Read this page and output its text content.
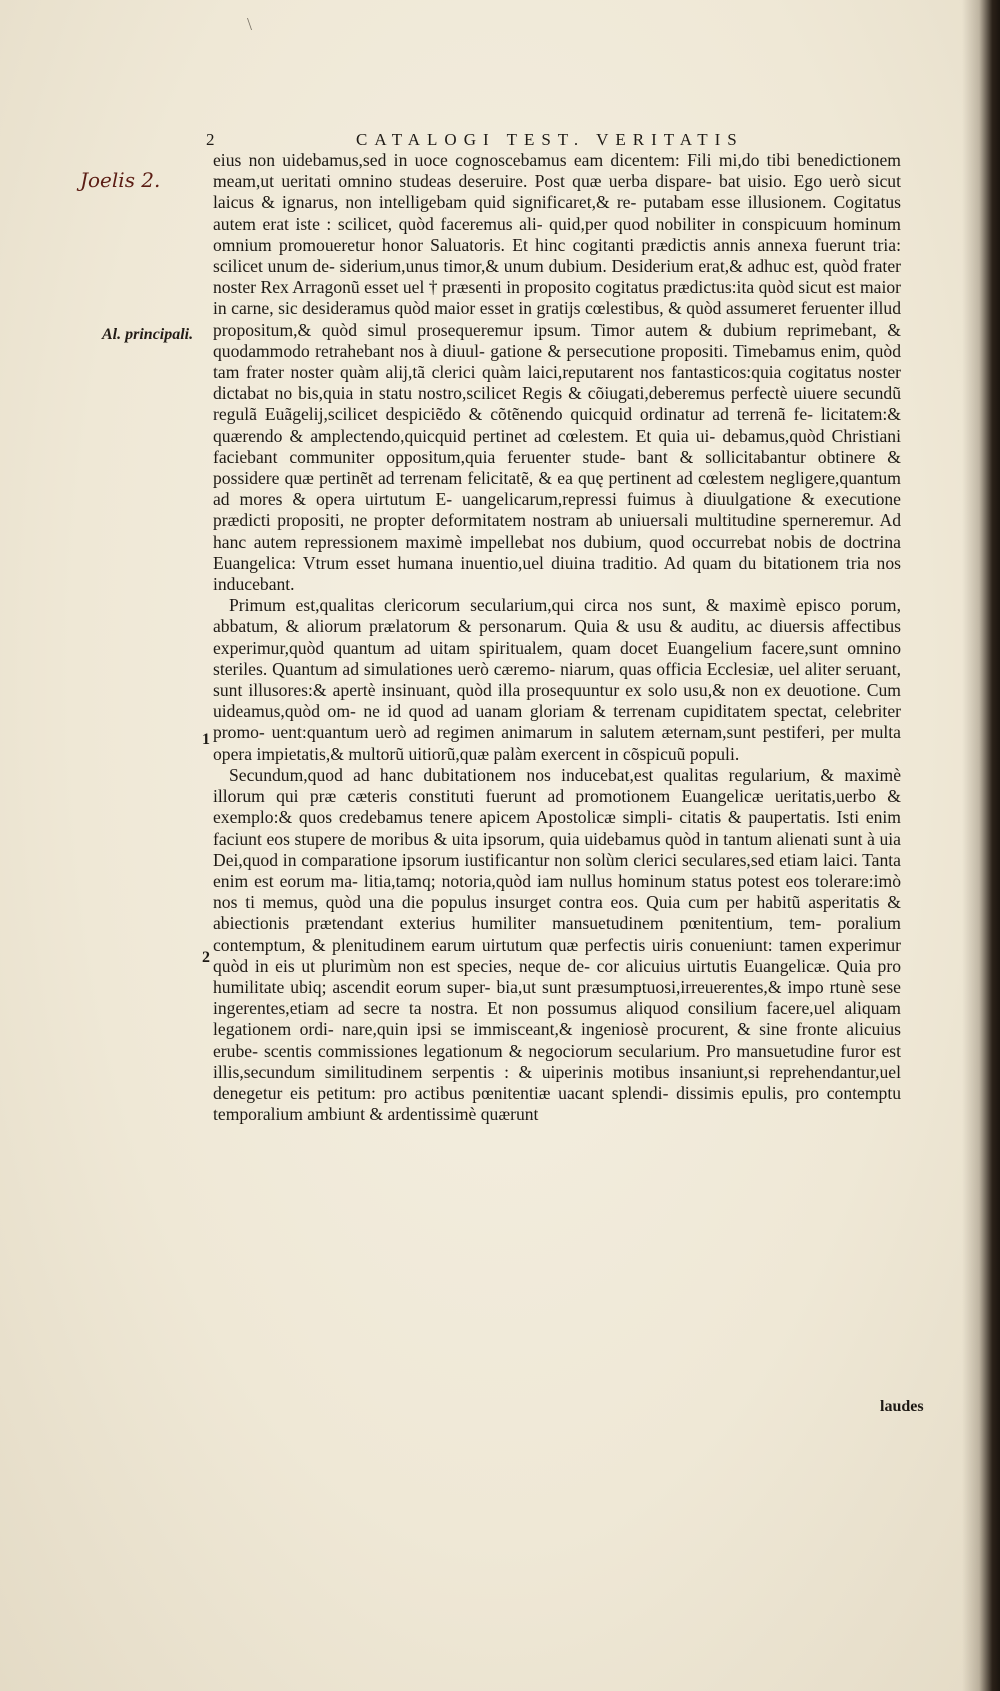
2	CATALOGI TEST. VERITATIS
\
Joelis 2.
Al. principali.
1
2

eius non uidebamus,sed in uoce cognoscebamus eam dicentem: Fili mi,do tibi benedictionem meam,ut ueritati omnino studeas deseruire. Post quæ uerba dispare- bat uisio. Ego uerò sicut laicus & ignarus, non intelligebam quid significaret,& re- putabam esse illusionem. Cogitatus autem erat iste : scilicet, quòd faceremus ali- quid,per quod nobiliter in conspicuum hominum omnium promoueretur honor Saluatoris. Et hinc cogitanti prædictis annis annexa fuerunt tria: scilicet unum de- siderium,unus timor,& unum dubium. Desiderium erat,& adhuc est, quòd frater noster Rex Arragonũ esset uel † præsenti in proposito cogitatus prædictus:ita quòd sicut est maior in carne, sic desideramus quòd maior esset in gratijs cœlestibus, & quòd assumeret feruenter illud propositum,& quòd simul prosequeremur ipsum. Timor autem & dubium reprimebant, & quodammodo retrahebant nos à diuul- gatione & persecutione propositi. Timebamus enim, quòd tam frater noster quàm alij,tã clerici quàm laici,reputarent nos fantasticos:quia cogitatus noster dictabat no bis,quia in statu nostro,scilicet Regis & cõiugati,deberemus perfectè uiuere secundũ regulã Euãgelij,scilicet despiciẽdo & cõtẽnendo quicquid ordinatur ad terrenã fe- licitatem:& quærendo & amplectendo,quicquid pertinet ad cœlestem. Et quia ui- debamus,quòd Christiani faciebant communiter oppositum,quia feruenter stude- bant & sollicitabantur obtinere & possidere quæ pertinẽt ad terrenam felicitatẽ, & ea quę pertinent ad cœlestem negligere,quantum ad mores & opera uirtutum E- uangelicarum,repressi fuimus à diuulgatione & executione prædicti propositi, ne propter deformitatem nostram ab uniuersali multitudine sperneremur. Ad hanc autem repressionem maximè impellebat nos dubium, quod occurrebat nobis de doctrina Euangelica: Vtrum esset humana inuentio,uel diuina traditio. Ad quam du bitationem tria nos inducebant.

Primum est,qualitas clericorum secularium,qui circa nos sunt, & maximè episco porum, abbatum, & aliorum prælatorum & personarum. Quia & usu & auditu, ac diuersis affectibus experimur,quòd quantum ad uitam spiritualem, quam docet Euangelium facere,sunt omnino steriles. Quantum ad simulationes uerò cæremo- niarum, quas officia Ecclesiæ, uel aliter seruant, sunt illusores:& apertè insinuant, quòd illa prosequuntur ex solo usu,& non ex deuotione. Cum uideamus,quòd om- ne id quod ad uanam gloriam & terrenam cupiditatem spectat, celebriter promo- uent:quantum uerò ad regimen animarum in salutem æternam,sunt pestiferi, per multa opera impietatis,& multorũ uitiorũ,quæ palàm exercent in cõspicuũ populi.

Secundum,quod ad hanc dubitationem nos inducebat,est qualitas regularium, & maximè illorum qui præ cæteris constituti fuerunt ad promotionem Euangelicæ ueritatis,uerbo & exemplo:& quos credebamus tenere apicem Apostolicæ simpli- citatis & paupertatis. Isti enim faciunt eos stupere de moribus & uita ipsorum, quia uidebamus quòd in tantum alienati sunt à uia Dei,quod in comparatione ipsorum iustificantur non solùm clerici seculares,sed etiam laici. Tanta enim est eorum ma- litia,tamq; notoria,quòd iam nullus hominum status potest eos tolerare:imò nos ti memus, quòd una die populus insurget contra eos. Quia cum per habitũ asperitatis & abiectionis prætendant exterius humiliter mansuetudinem pœnitentium, tem- poralium contemptum, & plenitudinem earum uirtutum quæ perfectis uiris conueniunt: tamen experimur quòd in eis ut plurimùm non est species, neque de- cor alicuius uirtutis Euangelicæ. Quia pro humilitate ubiq; ascendit eorum super- bia,ut sunt præsumptuosi,irreuerentes,& impo rtunè sese ingerentes,etiam ad secre ta nostra. Et non possumus aliquod consilium facere,uel aliquam legationem ordi- nare,quin ipsi se immisceant,& ingeniosè procurent, & sine fronte alicuius erube- scentis commissiones legationum & negociorum secularium. Pro mansuetudine furor est illis,secundum similitudinem serpentis : & uiperinis motibus insaniunt,si reprehendantur,uel denegetur eis petitum: pro actibus pœnitentiæ uacant splendi- dissimis epulis, pro contemptu temporalium ambiunt & ardentissimè quærunt

laudes
